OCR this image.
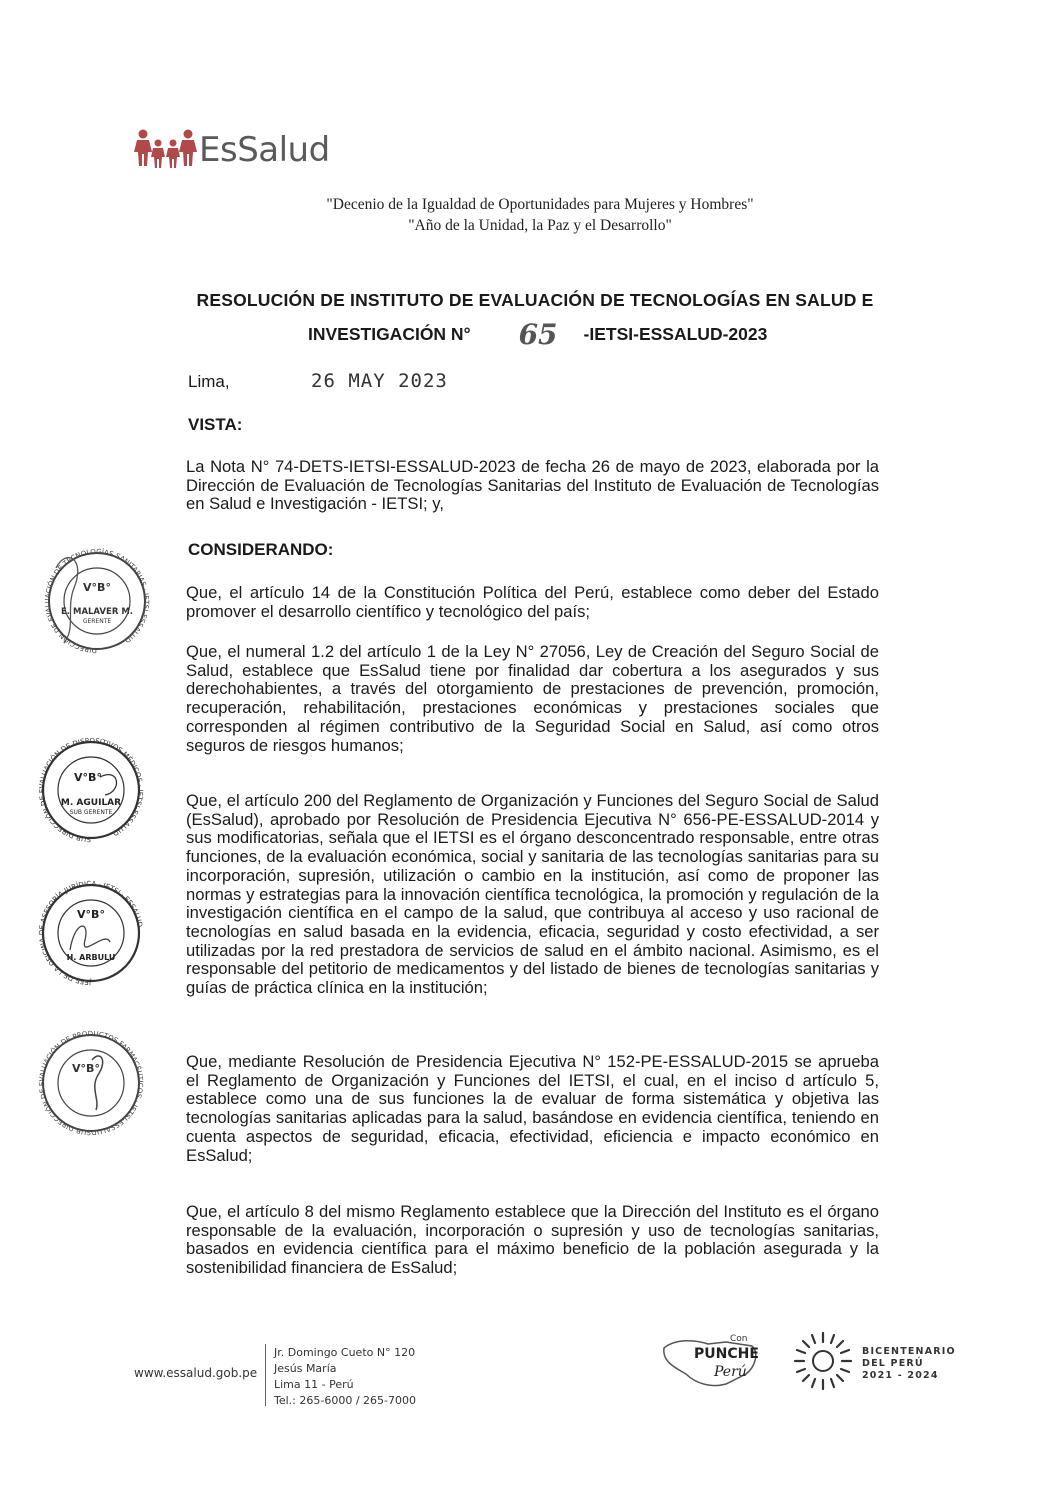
EsSalud
"Decenio de la Igualdad de Oportunidades para Mujeres y Hombres"
"Año de la Unidad, la Paz y el Desarrollo"
RESOLUCIÓN DE INSTITUTO DE EVALUACIÓN DE TECNOLOGÍAS EN SALUD E
INVESTIGACIÓN N° 65 -IETSI-ESSALUD-2023
Lima,	26 MAY 2023
VISTA:
La Nota N° 74-DETS-IETSI-ESSALUD-2023 de fecha 26 de mayo de 2023, elaborada por la Dirección de Evaluación de Tecnologías Sanitarias del Instituto de Evaluación de Tecnologías en Salud e Investigación - IETSI; y,
CONSIDERANDO:
Que, el artículo 14 de la Constitución Política del Perú, establece como deber del Estado promover el desarrollo científico y tecnológico del país;
Que, el numeral 1.2 del artículo 1 de la Ley N° 27056, Ley de Creación del Seguro Social de Salud, establece que EsSalud tiene por finalidad dar cobertura a los asegurados y sus derechohabientes, a través del otorgamiento de prestaciones de prevención, promoción, recuperación, rehabilitación, prestaciones económicas y prestaciones sociales que corresponden al régimen contributivo de la Seguridad Social en Salud, así como otros seguros de riesgos humanos;
Que, el artículo 200 del Reglamento de Organización y Funciones del Seguro Social de Salud (EsSalud), aprobado por Resolución de Presidencia Ejecutiva N° 656-PE-ESSALUD-2014 y sus modificatorias, señala que el IETSI es el órgano desconcentrado responsable, entre otras funciones, de la evaluación económica, social y sanitaria de las tecnologías sanitarias para su incorporación, supresión, utilización o cambio en la institución, así como de proponer las normas y estrategias para la innovación científica tecnológica, la promoción y regulación de la investigación científica en el campo de la salud, que contribuya al acceso y uso racional de tecnologías en salud basada en la evidencia, eficacia, seguridad y costo efectividad, a ser utilizadas por la red prestadora de servicios de salud en el ámbito nacional. Asimismo, es el responsable del petitorio de medicamentos y del listado de bienes de tecnologías sanitarias y guías de práctica clínica en la institución;
Que, mediante Resolución de Presidencia Ejecutiva N° 152-PE-ESSALUD-2015 se aprueba el Reglamento de Organización y Funciones del IETSI, el cual, en el inciso d artículo 5, establece como una de sus funciones la de evaluar de forma sistemática y objetiva las tecnologías sanitarias aplicadas para la salud, basándose en evidencia científica, teniendo en cuenta aspectos de seguridad, eficacia, efectividad, eficiencia e impacto económico en EsSalud;
Que, el artículo 8 del mismo Reglamento establece que la Dirección del Instituto es el órgano responsable de la evaluación, incorporación o supresión y uso de tecnologías sanitarias, basados en evidencia científica para el máximo beneficio de la población asegurada y la sostenibilidad financiera de EsSalud;
DIRECCIÓN DE EVALUACIÓN DE TECNOLOGÍAS SANITARIAS · IETSI-ESSALUD
V°B°
E. MALAVER M.
GERENTE
SUB DIRECCIÓN DE EVALUACIÓN DE DISPOSITIVOS MÉDICOS · IETSI-ESSALUD
V°B°
M. AGUILAR
SUB GERENTE
JEFE DE LA OFICINA DE ASESORÍA JURÍDICA · IETSI · ESSALUD
V°B°
H. ARBULU
SUB DIRECCIÓN DE EVALUACIÓN DE PRODUCTOS FARMACÉUTICOS · IETSI-ESSALUD
V°B°
www.essalud.gob.pe
Jr. Domingo Cueto N° 120
Jesús María
Lima 11 - Perú
Tel.: 265-6000 / 265-7000
Con
PUNCHE
Perú
BICENTENARIO
DEL PERÚ
2021 - 2024
